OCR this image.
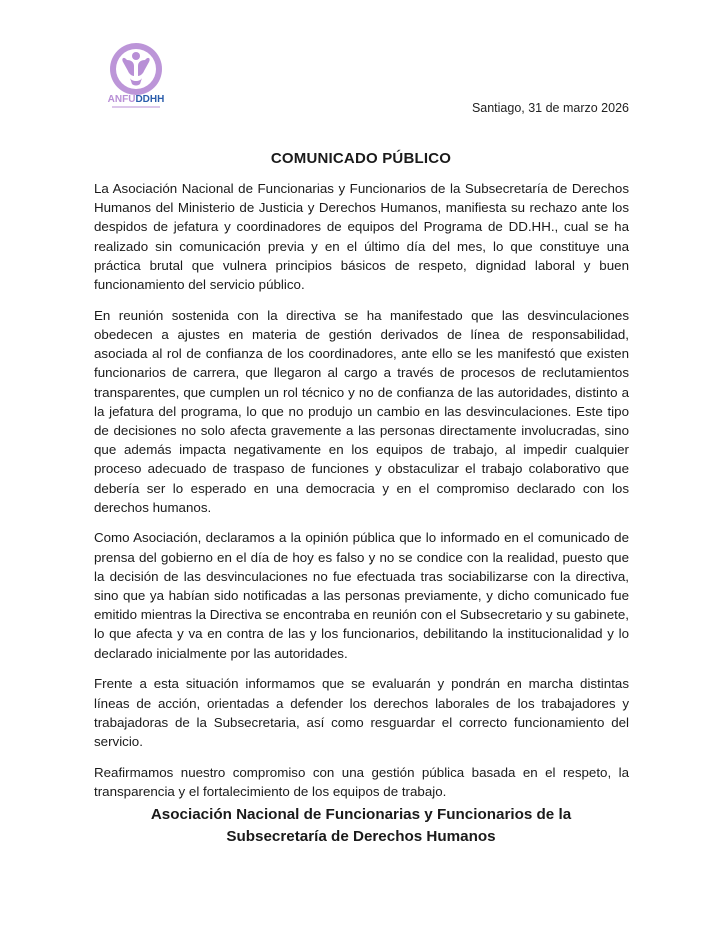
ANFUDDHH
Santiago, 31 de marzo 2026
COMUNICADO PÚBLICO

La Asociación Nacional de Funcionarias y Funcionarios de la Subsecretaría de Derechos Humanos del Ministerio de Justicia y Derechos Humanos, manifiesta su rechazo ante los despidos de jefatura y coordinadores de equipos del Programa de DD.HH., cual se ha realizado sin comunicación previa y en el último día del mes, lo que constituye una práctica brutal que vulnera principios básicos de respeto, dignidad laboral y buen funcionamiento del servicio público.

En reunión sostenida con la directiva se ha manifestado que las desvinculaciones obedecen a ajustes en materia de gestión derivados de línea de responsabilidad, asociada al rol de confianza de los coordinadores, ante ello se les manifestó que existen funcionarios de carrera, que llegaron al cargo a través de procesos de reclutamientos transparentes, que cumplen un rol técnico y no de confianza de las autoridades, distinto a la jefatura del programa, lo que no produjo un cambio en las desvinculaciones. Este tipo de decisiones no solo afecta gravemente a las personas directamente involucradas, sino que además impacta negativamente en los equipos de trabajo, al impedir cualquier proceso adecuado de traspaso de funciones y obstaculizar el trabajo colaborativo que debería ser lo esperado en una democracia y en el compromiso declarado con los derechos humanos.

Como Asociación, declaramos a la opinión pública que lo informado en el comunicado de prensa del gobierno en el día de hoy es falso y no se condice con la realidad, puesto que la decisión de las desvinculaciones no fue efectuada tras sociabilizarse con la directiva, sino que ya habían sido notificadas a las personas previamente, y dicho comunicado fue emitido mientras la Directiva se encontraba en reunión con el Subsecretario y su gabinete, lo que afecta y va en contra de las y los funcionarios, debilitando la institucionalidad y lo declarado inicialmente por las autoridades.

Frente a esta situación informamos que se evaluarán y pondrán en marcha distintas líneas de acción, orientadas a defender los derechos laborales de los trabajadores y trabajadoras de la Subsecretaria, así como resguardar el correcto funcionamiento del servicio.

Reafirmamos nuestro compromiso con una gestión pública basada en el respeto, la transparencia y el fortalecimiento de los equipos de trabajo.

Asociación Nacional de Funcionarias y Funcionarios de la
Subsecretaría de Derechos Humanos
